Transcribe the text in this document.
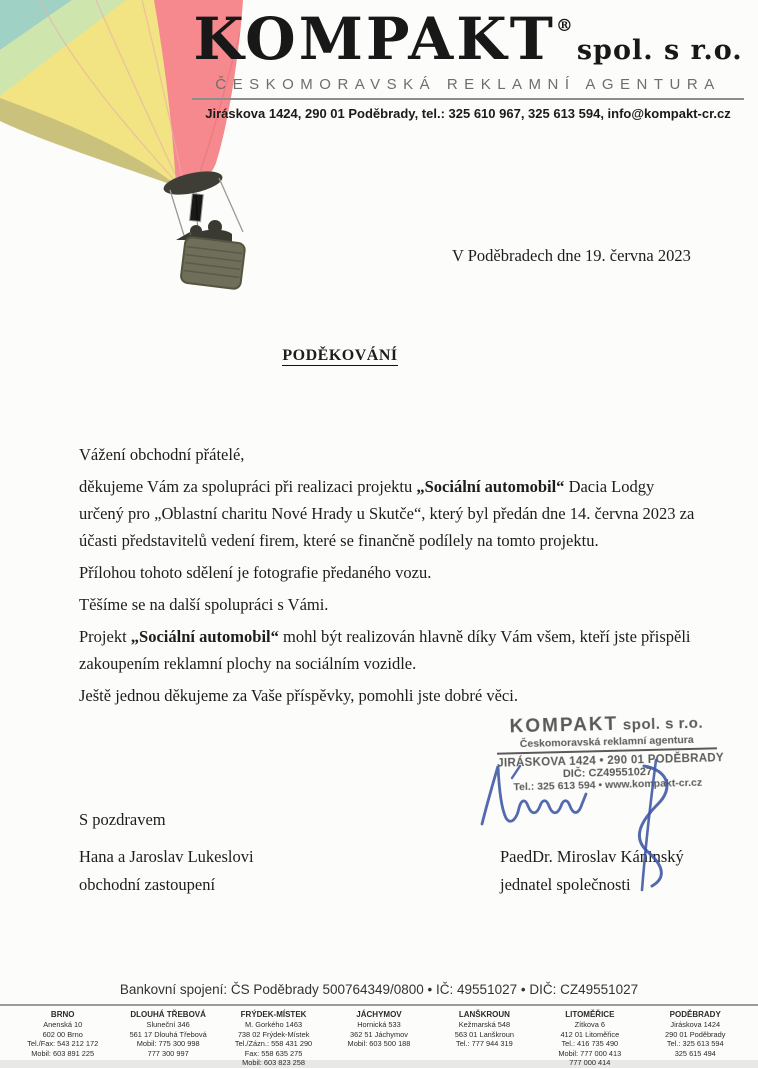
KOMPAKT®spol. s r.o.
ČESKOMORAVSKÁ REKLAMNÍ AGENTURA
Jiráskova 1424, 290 01 Poděbrady, tel.: 325 610 967, 325 613 594, info@kompakt-cr.cz
V Poděbradech dne 19. června 2023
PODĚKOVÁNÍ

Vážení obchodní přátelé,

děkujeme Vám za spolupráci při realizaci projektu „Sociální automobil“ Dacia Lodgy určený pro „Oblastní charitu Nové Hrady u Skutče“, který byl předán dne 14. června 2023 za účasti představitelů vedení firem, které se finančně podílely na tomto projektu.

Přílohou tohoto sdělení je fotografie předaného vozu.

Těšíme se na další spolupráci s Vámi.

Projekt „Sociální automobil“ mohl být realizován hlavně díky Vám všem, kteří jste přispěli zakoupením reklamní plochy na sociálním vozidle.

Ještě jednou děkujeme za Vaše příspěvky, pomohli jste dobré věci.

KOMPAKT spol. s r.o.
Českomoravská reklamní agentura
JIRÁSKOVA 1424 • 290 01 PODĚBRADY
DIČ: CZ49551027
Tel.: 325 613 594 • www.kompakt-cr.cz
S pozdravem
Hana a Jaroslav Lukeslovi
obchodní zastoupení
PaedDr. Miroslav Káninský
jednatel společnosti
Bankovní spojení: ČS Poděbrady 500764349/0800 • IČ: 49551027 • DIČ: CZ49551027
BRNO
Anenská 10
602 00 Brno
Tel./Fax: 543 212 172
Mobil: 603 891 225
DLOUHÁ TŘEBOVÁ
Sluneční 346
561 17 Dlouhá Třebová
Mobil: 775 300 998
777 300 997
FRÝDEK-MÍSTEK
M. Gorkého 1463
738 02 Frýdek-Místek
Tel./Zázn.: 558 431 290
Fax: 558 635 275
Mobil: 603 823 258
JÁCHYMOV
Hornická 533
362 51 Jáchymov
Mobil: 603 500 188
LANŠKROUN
Kežmarská 548
563 01 Lanškroun
Tel.: 777 944 319
LITOMĚŘICE
Zítkova 6
412 01 Litoměřice
Tel.: 416 735 490
Mobil: 777 000 413
777 000 414
PODĚBRADY
Jiráskova 1424
290 01 Poděbrady
Tel.: 325 613 594
325 615 494
